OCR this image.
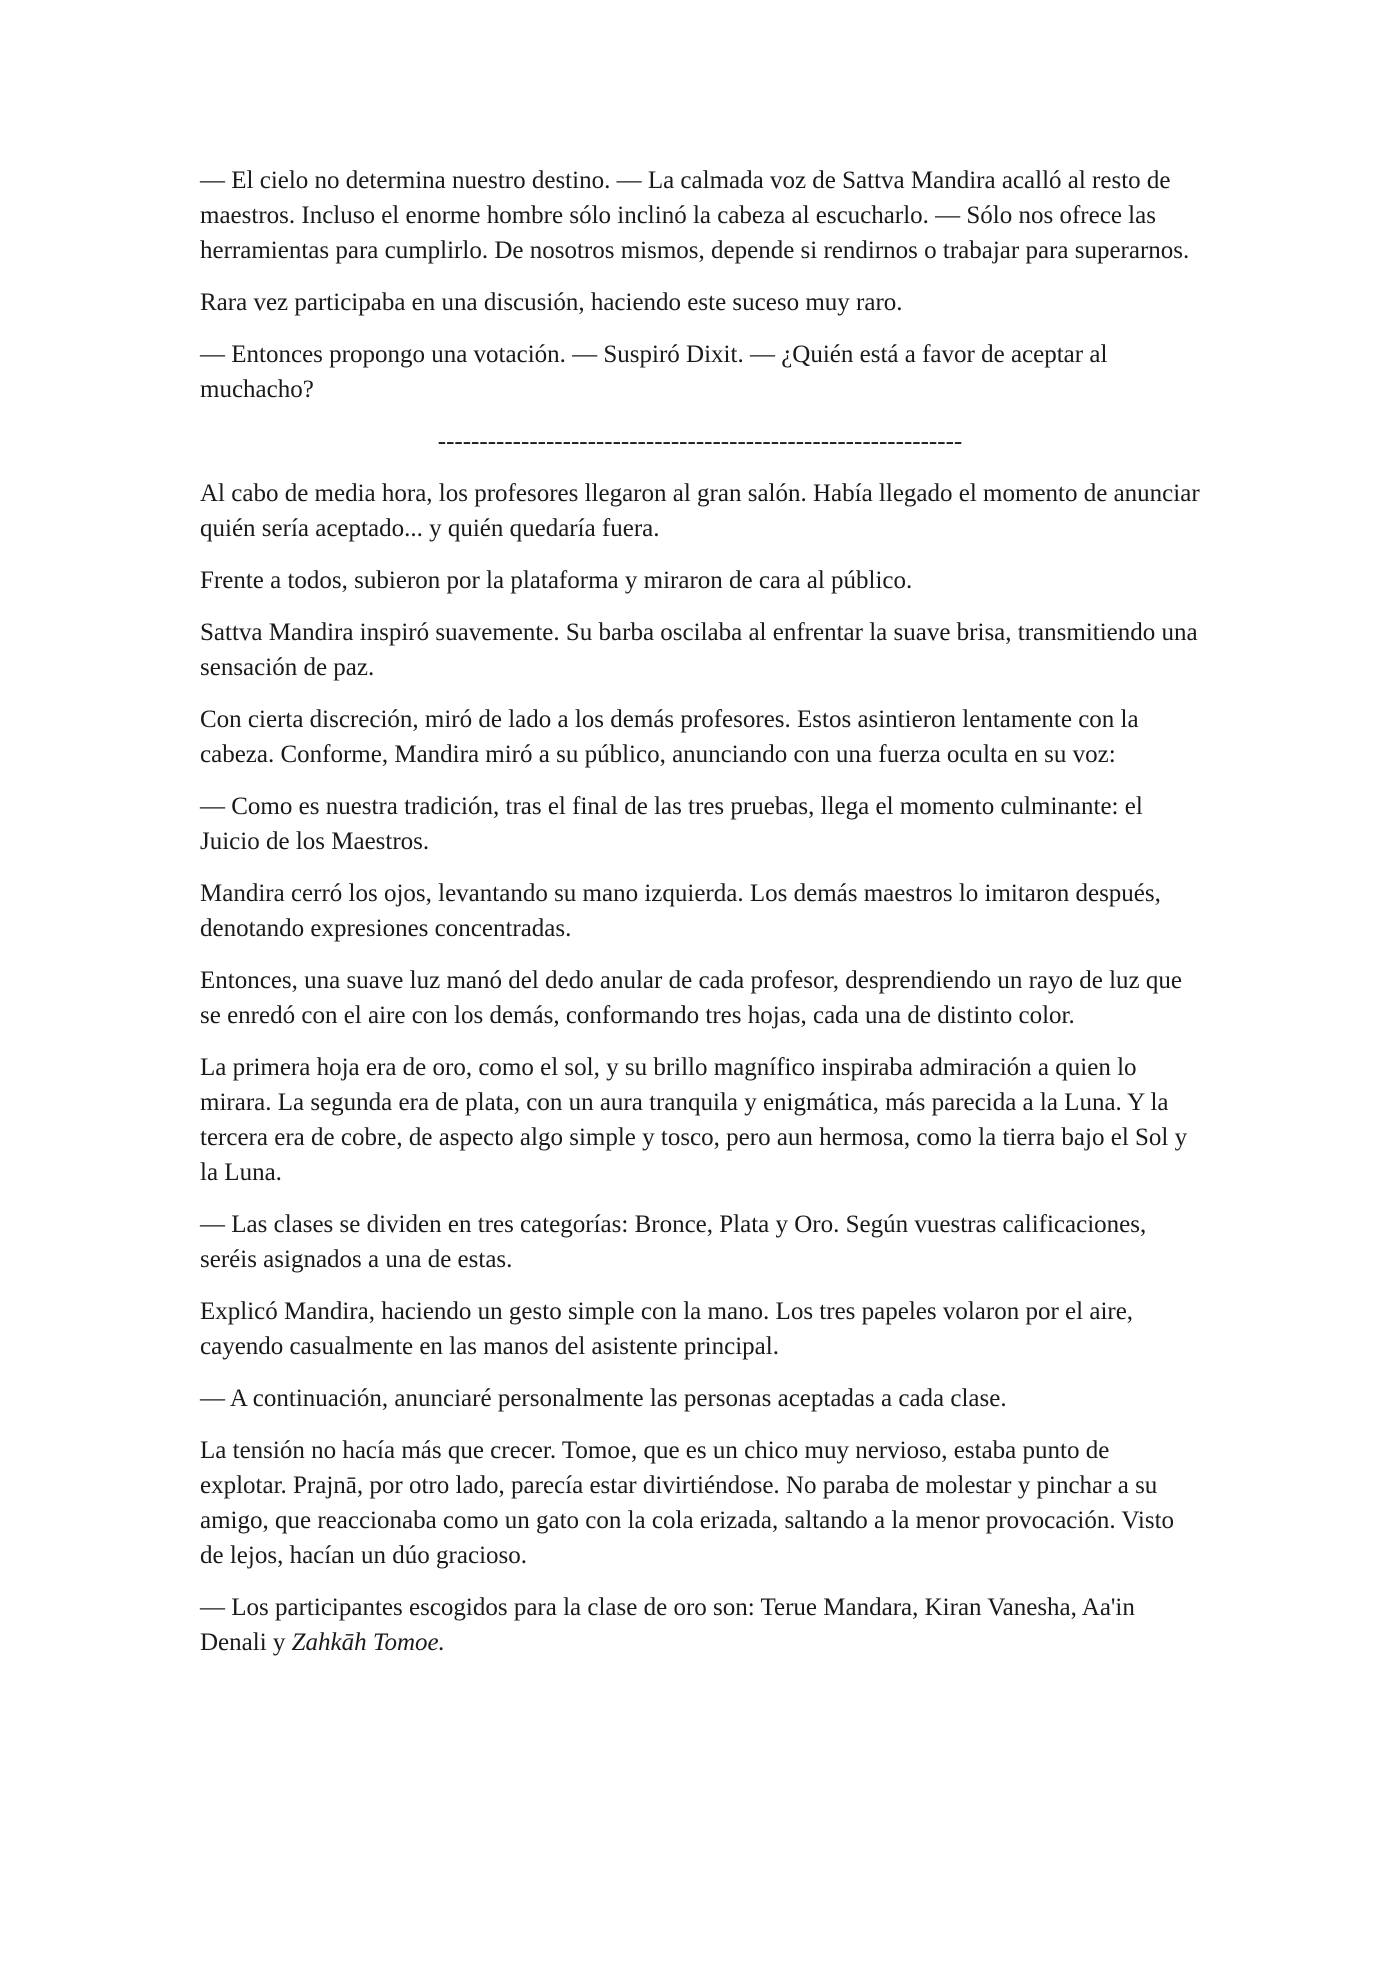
— El cielo no determina nuestro destino. — La calmada voz de Sattva Mandira acalló al resto de maestros. Incluso el enorme hombre sólo inclinó la cabeza al escucharlo. — Sólo nos ofrece las herramientas para cumplirlo. De nosotros mismos, depende si rendirnos o trabajar para superarnos.

Rara vez participaba en una discusión, haciendo este suceso muy raro.

— Entonces propongo una votación. — Suspiró Dixit. — ¿Quién está a favor de aceptar al muchacho?

---------------------------------------------------------------

Al cabo de media hora, los profesores llegaron al gran salón. Había llegado el momento de anunciar quién sería aceptado... y quién quedaría fuera.

Frente a todos, subieron por la plataforma y miraron de cara al público.

Sattva Mandira inspiró suavemente. Su barba oscilaba al enfrentar la suave brisa, transmitiendo una sensación de paz.

Con cierta discreción, miró de lado a los demás profesores. Estos asintieron lentamente con la cabeza. Conforme, Mandira miró a su público, anunciando con una fuerza oculta en su voz:

— Como es nuestra tradición, tras el final de las tres pruebas, llega el momento culminante: el Juicio de los Maestros.

Mandira cerró los ojos, levantando su mano izquierda. Los demás maestros lo imitaron después, denotando expresiones concentradas.

Entonces, una suave luz manó del dedo anular de cada profesor, desprendiendo un rayo de luz que se enredó con el aire con los demás, conformando tres hojas, cada una de distinto color.

La primera hoja era de oro, como el sol, y su brillo magnífico inspiraba admiración a quien lo mirara. La segunda era de plata, con un aura tranquila y enigmática, más parecida a la Luna. Y la tercera era de cobre, de aspecto algo simple y tosco, pero aun hermosa, como la tierra bajo el Sol y la Luna.

— Las clases se dividen en tres categorías: Bronce, Plata y Oro. Según vuestras calificaciones, seréis asignados a una de estas.

Explicó Mandira, haciendo un gesto simple con la mano. Los tres papeles volaron por el aire, cayendo casualmente en las manos del asistente principal.

— A continuación, anunciaré personalmente las personas aceptadas a cada clase.

La tensión no hacía más que crecer. Tomoe, que es un chico muy nervioso, estaba punto de explotar. Prajnā, por otro lado, parecía estar divirtiéndose. No paraba de molestar y pinchar a su amigo, que reaccionaba como un gato con la cola erizada, saltando a la menor provocación. Visto de lejos, hacían un dúo gracioso.

— Los participantes escogidos para la clase de oro son: Terue Mandara, Kiran Vanesha, Aa'in Denali y Zahkāh Tomoe.
